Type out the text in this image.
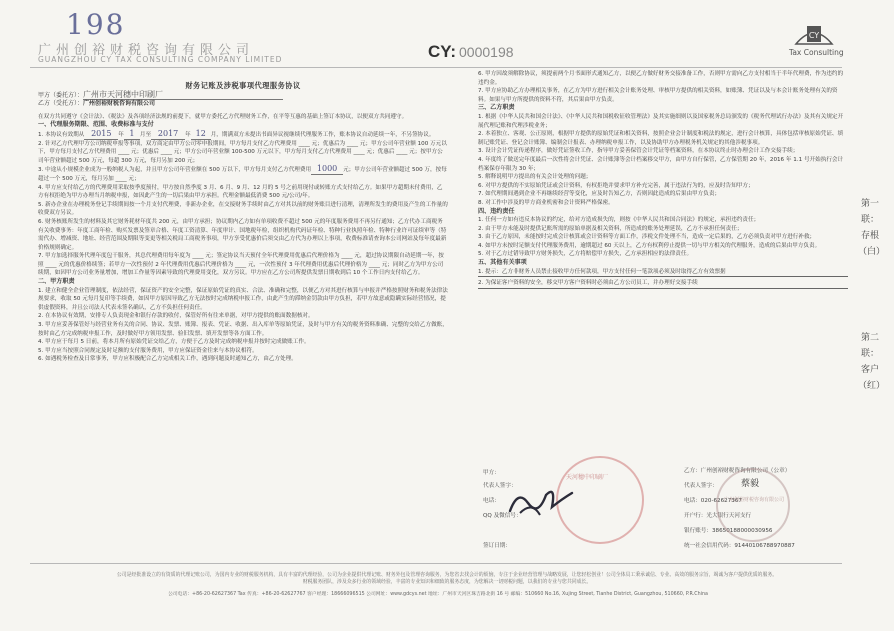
198
广州创裕财税咨询有限公司
GUANGZHOU CY TAX CONSULTING COMPANY LIMITED	CY: 0000198
CY
Tax Consulting

财务记账及涉税事项代理服务协议

甲方（委托方）：广州市天河穗中印刷厂

乙方（受托方）：广州创裕财税咨询有限公司

在双方共同遵守《会计法》、《税法》及各项经济法规的前提下，就甲方委托乙方代理财务工作，在平等互惠的基础上签订本协议，以便双方共同遵守。

一、代理服务期限、范围、收费标准与支付

1. 本协议有效期从 2015 年 1 月至 2017 年 12 月，期满双方未提出书面异议视继续代理服务工作，账本协议自动延续一年，不另签协议。

2. 针对乙方代理甲方公司纳税申报等事项，双方商定由甲方公司零申报期间，甲方每月支付乙方代理费用 ____ 元；优惠后为 ____ 元；甲方公司年营业额 100 万元以下，甲方每月支付乙方代理费用 ____ 元；优惠后 ____ 元；甲方公司年营业额 100-500 万元以下，甲方每月支付乙方代理费用 ____ 元；优惠后 ____ 元；按甲方公司年营业额超过 500 万元，每超 300 万元，每月另加 200 元；

3. 中途从小规模企业成为一般纳税人为起，并且甲方公司年营业额在 500 万以下，甲方每月支付乙方代理费用 1000 元；甲方公司年营业额超过 500 万，按每超过一个 500 万元，每月另加 ____ 元；

4. 甲方应支付给乙方的代理费用采取按季度预付，甲方按自然季度 3 月、6 月、9 月、12 月的 5 号之前用现付或转账方式支付给乙方。如果甲方超期未付费用，乙方有权拒绝为甲方办理当月纳税申报，如因此产生的一切后果由甲方承担。代理金额最低消费 500 元/公司/年。

5. 新办企业在办理税务登记手续期间按一个月支付代理费，非新办企业，在交接财务手续时由乙方对其以前的财务账目进行清理，清理所发生的费用及产生的工作量的收费双方另议。

6. 财务核账所发生的材料及其它财务耗材年度共 200 元，由甲方承担；协议期内乙方如有单项收费不超过 500 元的年度服务费用不再另行通知；乙方代办工商税务有关收费事务：年度工商年检、购买发票及签章合格、年度工资清算、年度审计、国地税年检，组织机构代码证年检、特种行业执照年检、特种行业许可证续审等（特需代办、增减资、地址、经营范围及期限等变更等相关税局工商税务事项，甲方享受优惠价后须交由乙方代为办理以上事项，收费标准请查询本公司网站及每年度最新价格规则确定。

7. 甲方加选择服务代理年度包干服务，其总代理费用每年度为 ____ 元；签定协议当天预付全年代理费用优惠后代理价格为 ____ 元，超过协议期限自动延期一年，按照 ____ 元的优惠价格续签；若甲方一次性预付 2 年代理费用优惠后代理价格为 ____ 元，一次性预付 3 年代理费用优惠后代理价格为 ____ 元；同时乙方为甲方公司续期，如因甲方公司业务量增加，增加工作量等因素导致的代理费用变化，双方另议。甲方应在乙方公司所提供发票日期收到后 10 个工作日内支付给乙方。

二、甲方职责

1. 建立和健全企业管理制度，依法经营，保证资产的安全完整，保证原始凭证的真实、合法、准确和完整，以便乙方对其进行核算与申报并严格按照财务和税务法律法规要求，收取 50 元每月复印等手续费，如因甲方原因导致乙方无法按时完成纳税申报工作，由此产生的滞纳金罚款由甲方负担，若甲方故意或隐瞒实际经营情况，提供虚假资料，并且公司法人代表未签名确认，乙方不负担任何责任。

2. 在本协议有效期，安排专人负责现金和银行存款的收付，保管好所有往来单据，对甲方提供的账面数据核对。

3. 甲方应妥善保管好与经营业务有关的合同、协议、发票、账簿、报表、凭证、收据、出入库单等原始凭证，及时与甲方有关的税务资料准确、完整的交给乙方做账，按时由乙方完成纳税申报工作，及时做好甲方领用发票、验旧发票、填开发票等各方面工作。

4. 甲方应于每月 5 日前，将本月所有原始凭证交给乙方，方便于乙方及时完成纳税申报并按时完成做账工作。

5. 甲方应当按照合同规定及时足额的支付服务费用，甲方应保证资金往来与本协议相符。

6. 如遇税务检查及日常事务，甲方应积极配合乙方完成相关工作，遇到问题及时通知乙方，由乙方处理。

6. 甲方因故须解除协议，须提前两个月书面形式通知乙方，以便乙方做好财务交接准备工作，否则甲方需向乙方支付相当于半年代理费，作为违约的违约金。

7. 甲方应协助乙方办理相关事务，在乙方为甲方进行相关会计账务处理、审核甲方提供的相关资料，如账簿、凭证以及与本会计账务处理有关的资料。如果与甲方所提供的资料不符，其后果由甲方负责。

三、乙方职责

1. 根据《中华人民共和国会计法》、《中华人民共和国税收征收管理法》及其实施细则以及国家税务总局颁发的《税务代理试行办法》及其有关规定开展代理记账和代理涉税业务；

2. 本着独立、客观、公正原则，根据甲方提供的原始凭证和相关资料，按照企业会计制度和税法的规定，进行会计核算，具体包括审核原始凭证、填制记账凭证、登记会计账簿、编制会计报表、办理纳税申报工作，以及协助甲方办理税务机关规定的其他涉税事项。

3. 设计会计凭证传递程序，做好凭证签收工作，指导甲方妥善保管会计凭证等档案资料，在本协议终止时办理会计工作交接手续；

4. 年度终了做送完年度最后一次性将会计凭证、会计账簿等会计档案移交甲方，由甲方自行保管，乙方保管期 20 年，2016 年 1.1 号开始执行会计档案保存年限为 30 年；

5. 解释说明甲方提出的有关会计处理的问题；

6. 对甲方提供的不实原始凭证或会计资料，有权拒绝并要求甲方补充完善，属于违法行为的，应及时告知甲方；

7. 如代理期间遇到企业不再继续经营等变化，应及时告知乙方，否则因此造成的后果由甲方负责；

8. 对工作中涉及的甲方商业机密和会计资料严格保密。

四、违约责任

1. 任何一方如有违反本协议的约定，给对方造成损失的，则按《中华人民共和国合同法》的规定，承担违约责任；

2. 由于甲方未能及时提供记账所需的原始单据及相关资料，所造成的账务处理延误，乙方不承担任何责任；

3. 由于乙方原因，未能按时完成会计核算或会计资料等方面工作，涉税文件处理不当，造成一定后果的，乙方必须负责对甲方进行补救；

4. 如甲方未按时足额支付代理服务费用，逾期超过 60 天以上，乙方有权利停止提供一切与甲方相关的代理服务，造成的后果由甲方负责。

5. 对于乙方过错导致甲方财务损失，乙方将赔偿甲方损失，乙方承担相应的法律责任。

五、其他有关事项

1. 提示：乙方非财务人员禁止接收甲方任何款项，甲方支付任何一笔款项必须及时取得乙方有效票据

2. 为保证客户资料的安全，移交甲方客户资料时必须由乙方公司员工，并办理好交接手续

甲方：
代表人签字：
电话：
QQ 及微信号：
签订日期：
天河穗中印刷厂
乙方：广州创裕财税咨询有限公司（公章）
代表人签字：	蔡毅
电话：020-62627367
开户行：光大银行天河支行
银行账号：38650188000030956
统一社会信用代码：91440106788970887
广州创裕财税咨询有限公司
第一联：存根（白）
第二联：客户（红）
公司是经批准设立的有资质的代理记账公司，为国内专业的财税服务机构，具有丰富的代理经验，公司为企业提供代理记账、财务外包及管理咨询服务，为您省去找会计的烦恼，专注于企业经营管理与战略发展，让您轻松创业！公司全体员工秉承诚信、专业、高效的服务宗旨，竭诚为客户提供优质的服务。
财税服务团队，涉及众多行业的领域经验，丰富的专业知识和细致的服务态度，为您解决一切财税问题，以我们的专业与您共同成长。
公司电话：+86-20-62627367 Tax 传真：+86-20-62627767 客户经理：18666096515 公司网址：www.gdcys.net 地址：广州市天河区珠吉路北街 16 号 邮编：510660 No.16, Xujing Street, Tianhe District, Guangzhou, 510660, P.R.China
